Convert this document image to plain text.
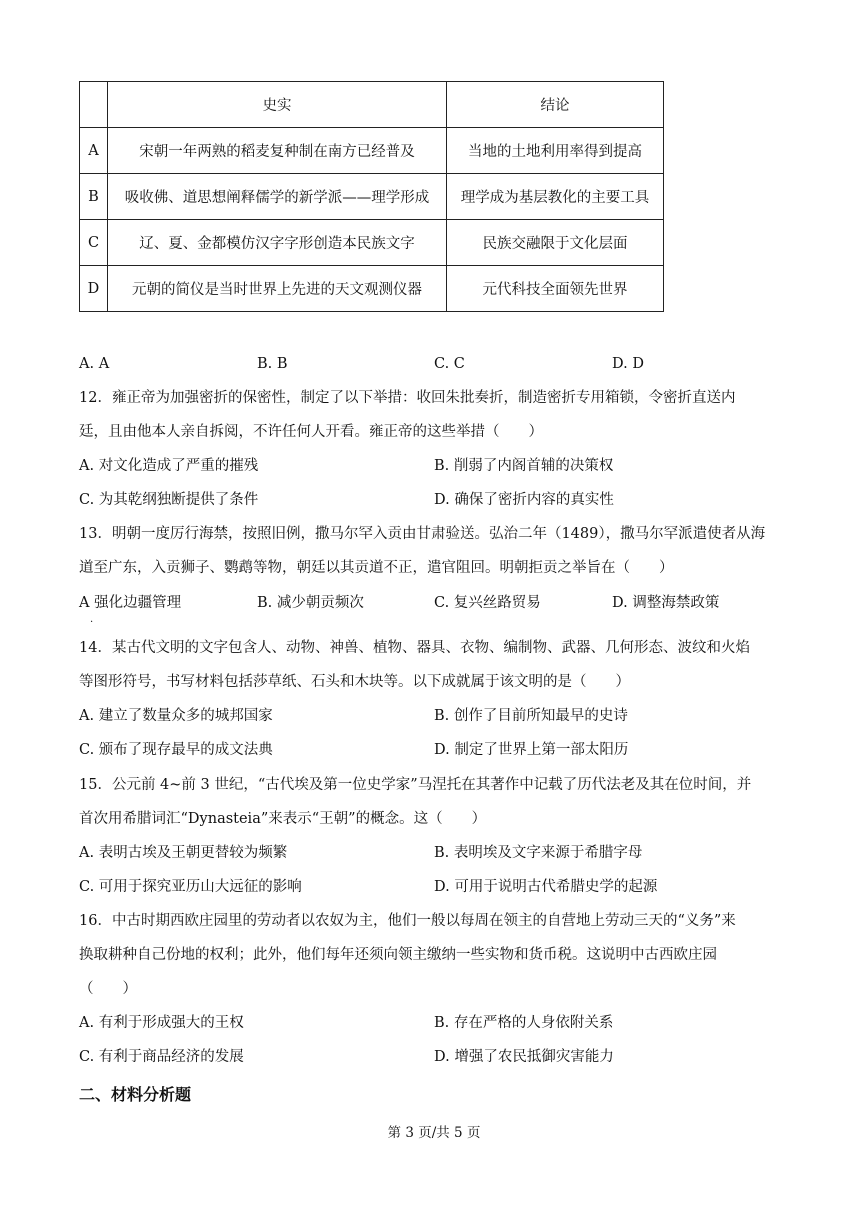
	史实	结论
A	宋朝一年两熟的稻麦复种制在南方已经普及	当地的土地利用率得到提高
B	吸收佛、道思想阐释儒学的新学派——理学形成	理学成为基层教化的主要工具
C	辽、夏、金都模仿汉字字形创造本民族文字	民族交融限于文化层面
D	元朝的简仪是当时世界上先进的天文观测仪器	元代科技全面领先世界
A. A	B. B	C. C	D. D
12．雍正帝为加强密折的保密性，制定了以下举措：收回朱批奏折，制造密折专用箱锁，令密折直送内
廷，且由他本人亲自拆阅，不许任何人开看。雍正帝的这些举措（　　）
A. 对文化造成了严重的摧残	B. 削弱了内阁首辅的决策权
C. 为其乾纲独断提供了条件	D. 确保了密折内容的真实性
13．明朝一度厉行海禁，按照旧例，撒马尔罕入贡由甘肃验送。弘治二年（1489），撒马尔罕派遣使者从海
道至广东，入贡狮子、鹦鹉等物，朝廷以其贡道不正，遣官阻回。明朝拒贡之举旨在（　　）
A 强化边疆管理	B. 减少朝贡频次	C. 复兴丝路贸易	D. 调整海禁政策
.
14．某古代文明的文字包含人、动物、神兽、植物、器具、衣物、编制物、武器、几何形态、波纹和火焰
等图形符号，书写材料包括莎草纸、石头和木块等。以下成就属于该文明的是（　　）
A. 建立了数量众多的城邦国家	B. 创作了目前所知最早的史诗
C. 颁布了现存最早的成文法典	D. 制定了世界上第一部太阳历
15．公元前 4~前 3 世纪，“古代埃及第一位史学家”马涅托在其著作中记载了历代法老及其在位时间，并
首次用希腊词汇“Dynasteia”来表示“王朝”的概念。这（　　）
A. 表明古埃及王朝更替较为频繁	B. 表明埃及文字来源于希腊字母
C. 可用于探究亚历山大远征的影响	D. 可用于说明古代希腊史学的起源
16．中古时期西欧庄园里的劳动者以农奴为主，他们一般以每周在领主的自营地上劳动三天的“义务”来
换取耕种自己份地的权利；此外，他们每年还须向领主缴纳一些实物和货币税。这说明中古西欧庄园
（　　）
A. 有利于形成强大的王权	B. 存在严格的人身依附关系
C. 有利于商品经济的发展	D. 增强了农民抵御灾害能力
二、材料分析题
第 3 页/共 5 页
